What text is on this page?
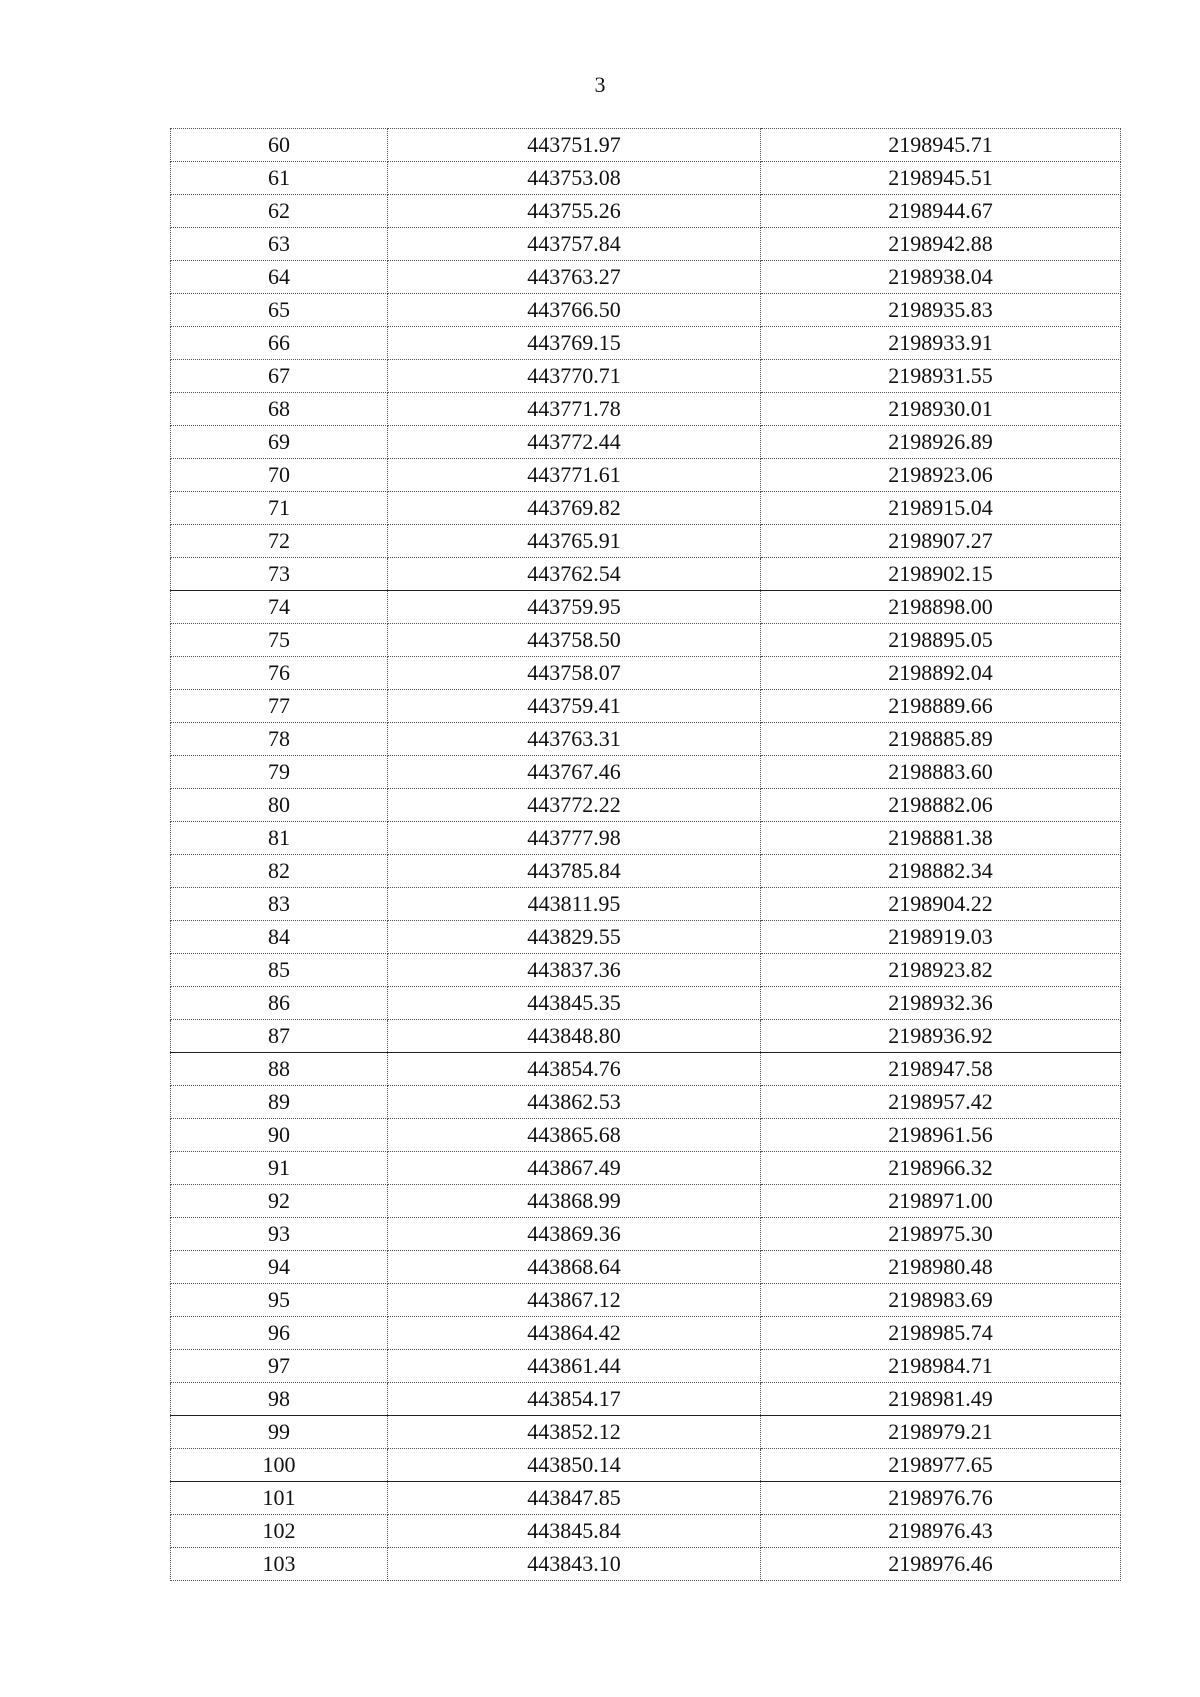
3
60	443751.97	2198945.71
61	443753.08	2198945.51
62	443755.26	2198944.67
63	443757.84	2198942.88
64	443763.27	2198938.04
65	443766.50	2198935.83
66	443769.15	2198933.91
67	443770.71	2198931.55
68	443771.78	2198930.01
69	443772.44	2198926.89
70	443771.61	2198923.06
71	443769.82	2198915.04
72	443765.91	2198907.27
73	443762.54	2198902.15
74	443759.95	2198898.00
75	443758.50	2198895.05
76	443758.07	2198892.04
77	443759.41	2198889.66
78	443763.31	2198885.89
79	443767.46	2198883.60
80	443772.22	2198882.06
81	443777.98	2198881.38
82	443785.84	2198882.34
83	443811.95	2198904.22
84	443829.55	2198919.03
85	443837.36	2198923.82
86	443845.35	2198932.36
87	443848.80	2198936.92
88	443854.76	2198947.58
89	443862.53	2198957.42
90	443865.68	2198961.56
91	443867.49	2198966.32
92	443868.99	2198971.00
93	443869.36	2198975.30
94	443868.64	2198980.48
95	443867.12	2198983.69
96	443864.42	2198985.74
97	443861.44	2198984.71
98	443854.17	2198981.49
99	443852.12	2198979.21
100	443850.14	2198977.65
101	443847.85	2198976.76
102	443845.84	2198976.43
103	443843.10	2198976.46
